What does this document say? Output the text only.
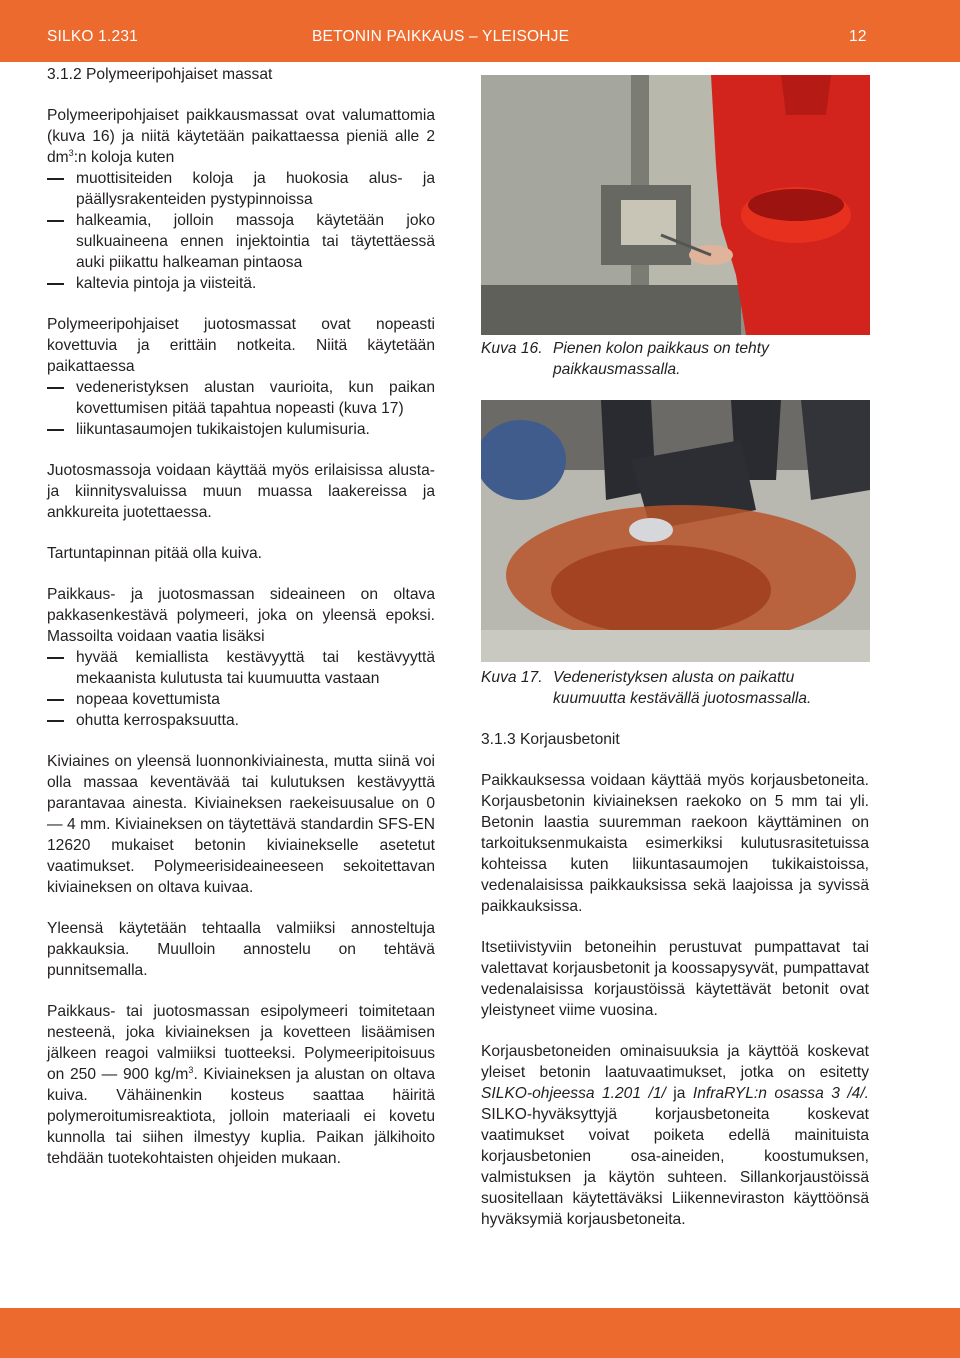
SILKO 1.231	BETONIN PAIKKAUS – YLEISOHJE	12
3.1.2 Polymeeripohjaiset massat

Polymeeripohjaiset paikkausmassat ovat valumattomia (kuva 16) ja niitä käytetään paikattaessa pieniä alle 2 $dm^3:n$ koloja kuten

muottisiteiden koloja ja huokosia alus- ja päällysrakenteiden pystypinnoissa
halkeamia, jolloin massoja käytetään joko sulkuaineena ennen injektointia tai täytettäessä auki piikattu halkeaman pintaosa
kaltevia pintoja ja viisteitä.

Polymeeripohjaiset juotosmassat ovat nopeasti kovettuvia ja erittäin notkeita. Niitä käytetään paikattaessa

vedeneristyksen alustan vaurioita, kun paikan kovettumisen pitää tapahtua nopeasti (kuva 17)
liikuntasaumojen tukikaistojen kulumisuria.

Juotosmassoja voidaan käyttää myös erilaisissa alusta- ja kiinnitysvaluissa muun muassa laakereissa ja ankkureita juotettaessa.

Tartuntapinnan pitää olla kuiva.

Paikkaus- ja juotosmassan sideaineen on oltava pakkasenkestävä polymeeri, joka on yleensä epoksi. Massoilta voidaan vaatia lisäksi

hyvää kemiallista kestävyyttä tai kestävyyttä mekaanista kulutusta tai kuumuutta vastaan
nopeaa kovettumista
ohutta kerrospaksuutta.

Kiviaines on yleensä luonnonkiviainesta, mutta siinä voi olla massaa keventävää tai kulutuksen kestävyyttä parantavaa ainesta. Kiviaineksen raekeisuusalue on 0 — 4 mm. Kiviaineksen on täytettävä standardin SFS-EN 12620 mukaiset betonin kiviainekselle asetetut vaatimukset. Polymeerisideaineeseen sekoitettavan kiviaineksen on oltava kuivaa.

Yleensä käytetään tehtaalla valmiiksi annosteltuja pakkauksia. Muulloin annostelu on tehtävä punnitsemalla.

Paikkaus- tai juotosmassan esipolymeeri toimitetaan nesteenä, joka kiviaineksen ja kovetteen lisäämisen jälkeen reagoi valmiiksi tuotteeksi. Polymeeripitoisuus on 250 — 900 $kg/m^3$. Kiviaineksen ja alustan on oltava kuiva. Vähäinenkin kosteus saattaa häiritä polymeroitumisreaktiota, jolloin materiaali ei kovetu kunnolla tai siihen ilmestyy kuplia. Paikan jälkihoito tehdään tuotekohtaisten ohjeiden mukaan.

Kuva 16. Pienen kolon paikkaus on tehty paikkausmassalla.

Kuva 17. Vedeneristyksen alusta on paikattu kuumuutta kestävällä juotosmassalla.

3.1.3 Korjausbetonit

Paikkauksessa voidaan käyttää myös korjausbetoneita. Korjausbetonin kiviaineksen raekoko on 5 mm tai yli. Betonin laastia suuremman raekoon käyttäminen on tarkoituksenmukaista esimerkiksi kulutusrasitetuissa kohteissa kuten liikuntasaumojen tukikaistoissa, vedenalaisissa paikkauksissa sekä laajoissa ja syvissä paikkauksissa.

Itsetiivistyviin betoneihin perustuvat pumpattavat tai valettavat korjausbetonit ja koossapysyvät, pumpattavat vedenalaisissa korjaustöissä käytettävät betonit ovat yleistyneet viime vuosina.

Korjausbetoneiden ominaisuuksia ja käyttöä koskevat yleiset betonin laatuvaatimukset, jotka on esitetty SILKO-ohjeessa 1.201 /1/ ja InfraRYL:n osassa 3 /4/. SILKO-hyväksyttyjä korjausbetoneita koskevat vaatimukset voivat poiketa edellä mainituista korjausbetonien osa-aineiden, koostumuksen, valmistuksen ja käytön suhteen. Sillankorjaustöissä suositellaan käytettäväksi Liikenneviraston käyttöönsä hyväksymiä korjausbetoneita.
